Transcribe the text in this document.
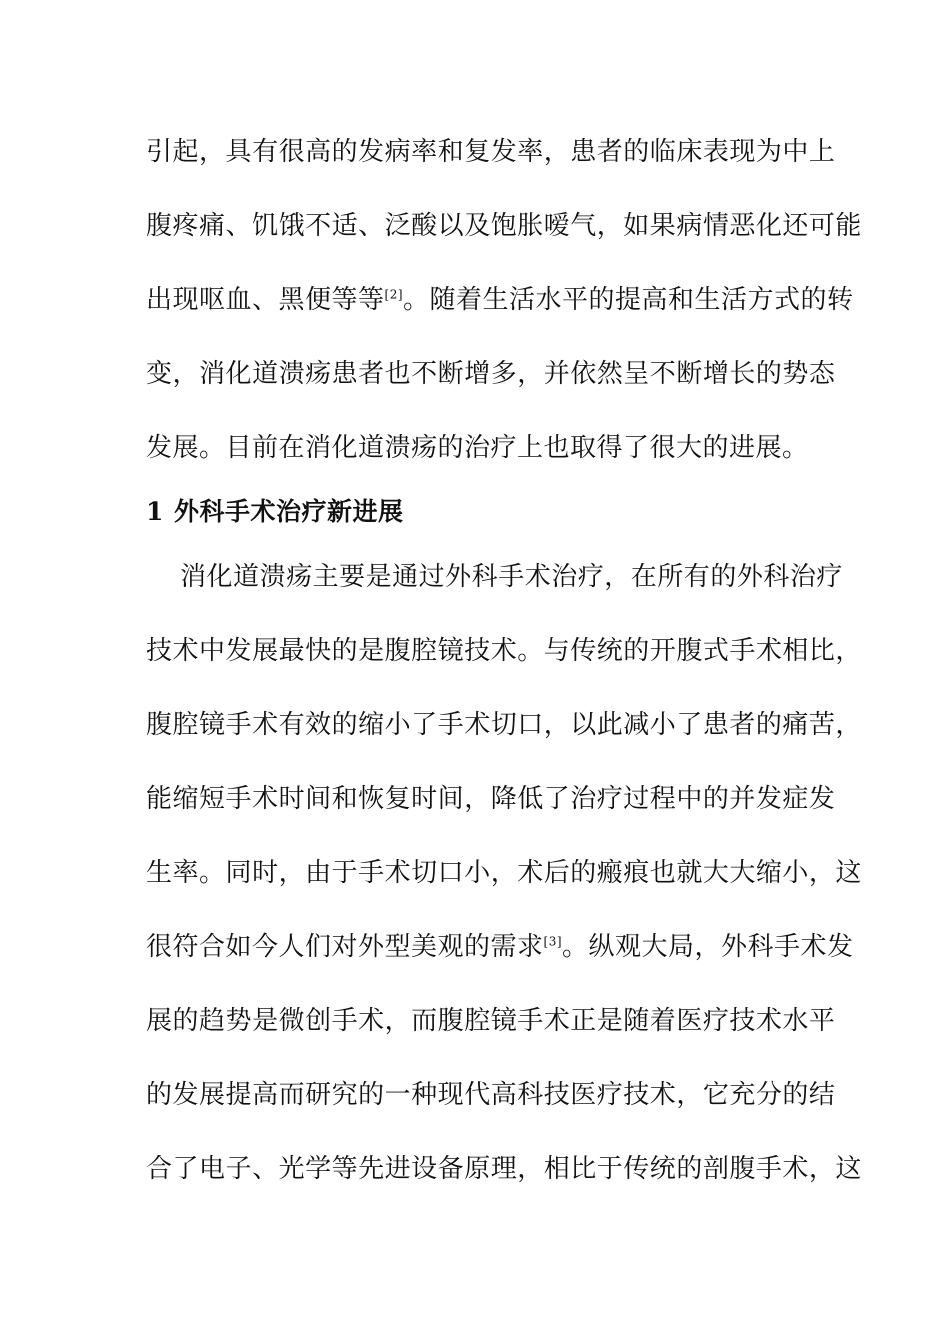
引 起 ， 具 有 很 高 的 发 病 率 和 复 发 率 ， 患 者 的 临 床 表 现 为 中 上
腹 疼 痛 、 饥 饿 不 适 、 泛 酸 以 及 饱 胀 嗳 气 ， 如 果 病 情 恶 化 还 可 能
出现呕血、黑便等等[2]。随着生活水平的提高和生活方式的转
变 ， 消 化 道 溃 疡 患 者 也 不 断 增 多 ， 并 依 然 呈 不 断 增 长 的 势 态
发展。目前在消化道溃疡的治疗上也取得了很大的进展。
1 外科手术治疗新进展
消 化 道 溃 疡 主 要 是 通 过 外 科 手 术 治 疗 ， 在 所 有 的 外 科 治 疗
技 术 中 发 展 最 快 的 是 腹 腔 镜 技 术 。 与 传 统 的 开 腹 式 手 术 相 比 ，
腹 腔 镜 手 术 有 效 的 缩 小 了 手 术 切 口 ， 以 此 减 小 了 患 者 的 痛 苦 ，
能 缩 短 手 术 时 间 和 恢 复 时 间 ， 降 低 了 治 疗 过 程 中 的 并 发 症 发
生 率 。 同 时 ， 由 于 手 术 切 口 小 ， 术 后 的 瘢 痕 也 就 大 大 缩 小 ， 这
很符合如今人们对外型美观的需求[3]。纵观大局，外科手术发
展 的 趋 势 是 微 创 手 术 ， 而 腹 腔 镜 手 术 正 是 随 着 医 疗 技 术 水 平
的 发 展 提 高 而 研 究 的 一 种 现 代 高 科 技 医 疗 技 术 ， 它 充 分 的 结
合 了 电 子 、 光 学 等 先 进 设 备 原 理 ， 相 比 于 传 统 的 剖 腹 手 术 ， 这
